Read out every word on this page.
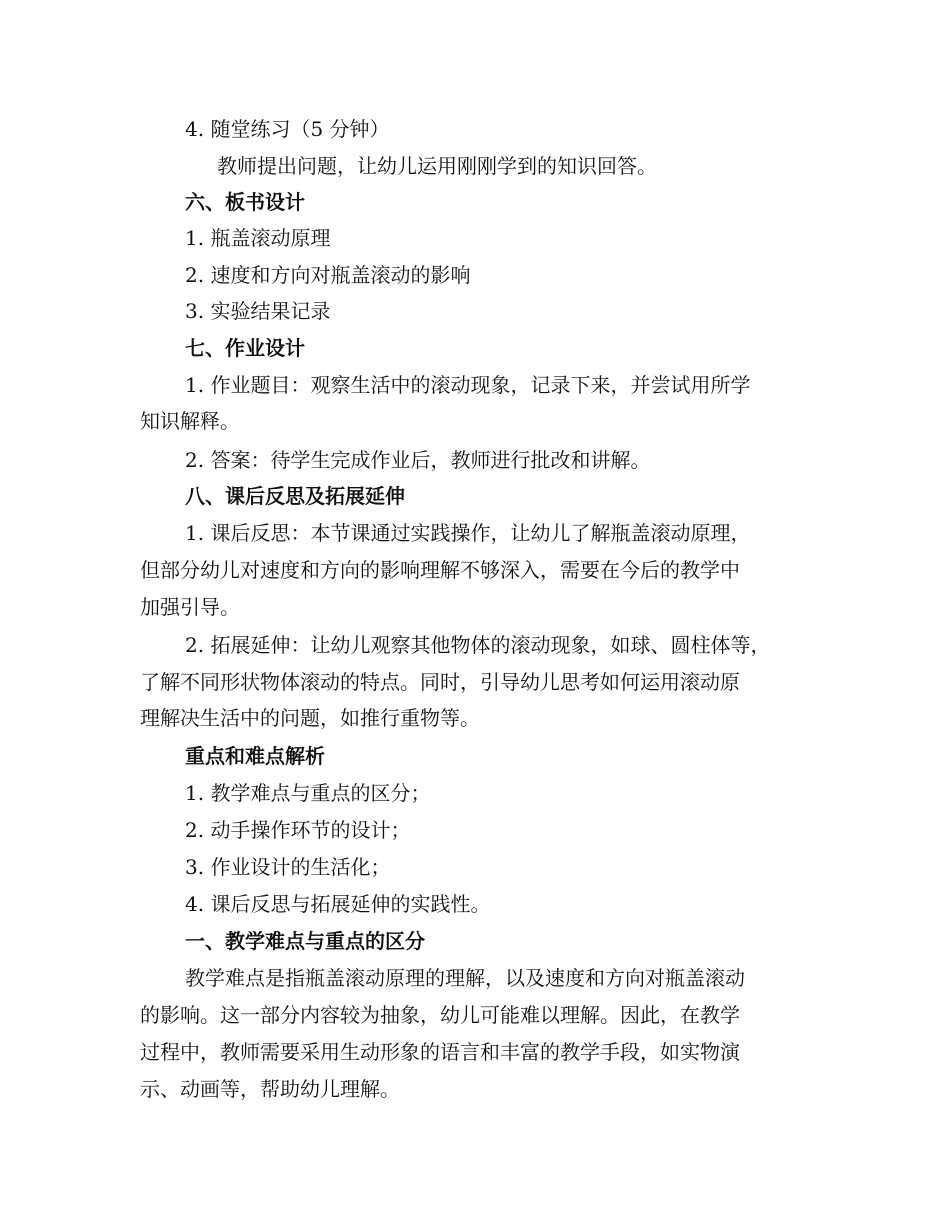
4. 随堂练习（5 分钟）
教师提出问题，让幼儿运用刚刚学到的知识回答。
六、板书设计
1. 瓶盖滚动原理
2. 速度和方向对瓶盖滚动的影响
3. 实验结果记录
七、作业设计
1. 作业题目：观察生活中的滚动现象，记录下来，并尝试用所学
知识解释。
2. 答案：待学生完成作业后，教师进行批改和讲解。
八、课后反思及拓展延伸
1. 课后反思：本节课通过实践操作，让幼儿了解瓶盖滚动原理，
但部分幼儿对速度和方向的影响理解不够深入，需要在今后的教学中
加强引导。
2. 拓展延伸：让幼儿观察其他物体的滚动现象，如球、圆柱体等，
了解不同形状物体滚动的特点。同时，引导幼儿思考如何运用滚动原
理解决生活中的问题，如推行重物等。
重点和难点解析
1. 教学难点与重点的区分；
2. 动手操作环节的设计；
3. 作业设计的生活化；
4. 课后反思与拓展延伸的实践性。
一、教学难点与重点的区分
教学难点是指瓶盖滚动原理的理解，以及速度和方向对瓶盖滚动
的影响。这一部分内容较为抽象，幼儿可能难以理解。因此，在教学
过程中，教师需要采用生动形象的语言和丰富的教学手段，如实物演
示、动画等，帮助幼儿理解。
